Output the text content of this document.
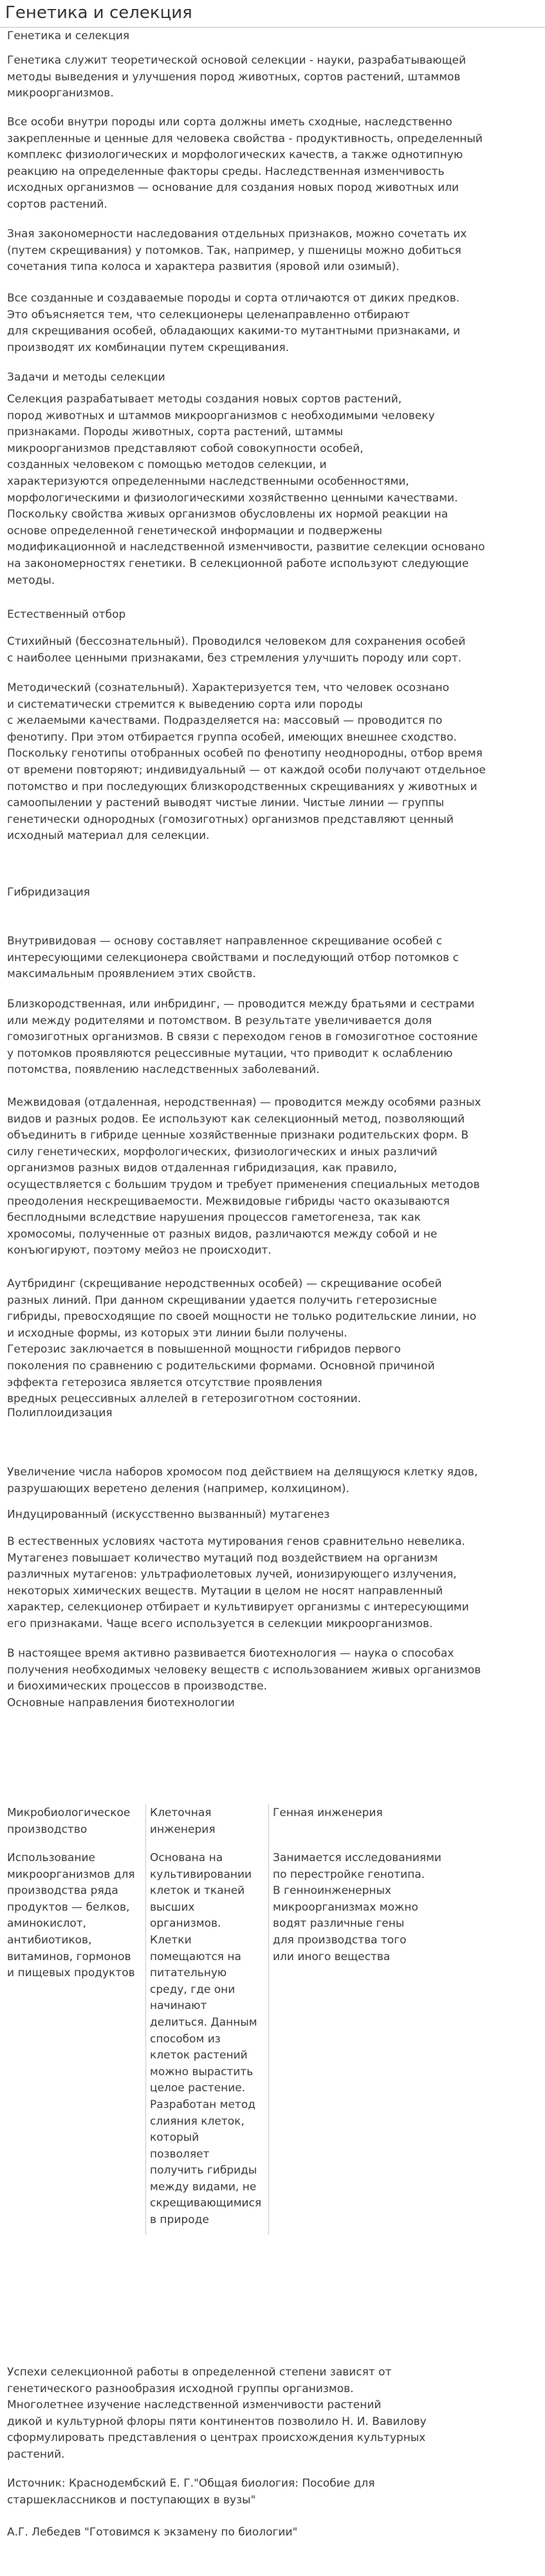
Генетика и селекция
Генетика и селекция
Генетика служит теоретической основой селекции - науки, разрабатывающей
методы выведения и улучшения пород животных, сортов растений, штаммов
микроорганизмов.
Все особи внутри породы или сорта должны иметь сходные, наследственно
закрепленные и ценные для человека свойства - продуктивность, определенный
комплекс физиологических и морфологических качеств, а также однотипную
реакцию на определенные факторы среды. Наследственная изменчивость
исходных организмов — основание для создания новых пород животных или
сортов растений.
Зная закономерности наследования отдельных признаков, можно сочетать их
(путем скрещивания) у потомков. Так, например, у пшеницы можно добиться
сочетания типа колоса и характера развития (яровой или озимый).
Все созданные и создаваемые породы и сорта отличаются от диких предков.
Это объясняется тем, что селекционеры целенаправленно отбирают
для скрещивания особей, обладающих какими-то мутантными признаками, и
производят их комбинации путем скрещивания.
Задачи и методы селекции
Селекция разрабатывает методы создания новых сортов растений,
пород животных и штаммов микроорганизмов с необходимыми человеку
признаками. Породы животных, сорта растений, штаммы
микроорганизмов представляют собой совокупности особей,
созданных человеком с помощью методов селекции, и
характеризуются определенными наследственными особенностями,
морфологическими и физиологическими хозяйственно ценными качествами.
Поскольку свойства живых организмов обусловлены их нормой реакции на
основе определенной генетической информации и подвержены
модификационной и наследственной изменчивости, развитие селекции основано
на закономерностях генетики. В селекционной работе используют следующие
методы.
Естественный отбор
Стихийный (бессознательный). Проводился человеком для сохранения особей
с наиболее ценными признаками, без стремления улучшить породу или сорт.
Методический (сознательный). Характеризуется тем, что человек осознано
и систематически стремится к выведению сорта или породы
с желаемыми качествами. Подразделяется на: массовый — проводится по
фенотипу. При этом отбирается группа особей, имеющих внешнее сходство.
Поскольку генотипы отобранных особей по фенотипу неоднородны, отбор время
от времени повторяют; индивидуальный — от каждой особи получают отдельное
потомство и при последующих близкородственных скрещиваниях у животных и
самоопылении у растений выводят чистые линии. Чистые линии — группы
генетически однородных (гомозиготных) организмов представляют ценный
исходный материал для селекции.
Гибридизация
Внутривидовая — основу составляет направленное скрещивание особей с
интересующими селекционера свойствами и последующий отбор потомков с
максимальным проявлением этих свойств.
Близкородственная, или инбридинг, — проводится между братьями и сестрами
или между родителями и потомством. В результате увеличивается доля
гомозиготных организмов. В связи с переходом генов в гомозиготное состояние
у потомков проявляются рецессивные мутации, что приводит к ослаблению
потомства, появлению наследственных заболеваний.
Межвидовая (отдаленная, неродственная) — проводится между особями разных
видов и разных родов. Ее используют как селекционный метод, позволяющий
объединить в гибриде ценные хозяйственные признаки родительских форм. В
силу генетических, морфологических, физиологических и иных различий
организмов разных видов отдаленная гибридизация, как правило,
осуществляется с большим трудом и требует применения специальных методов
преодоления нескрещиваемости. Межвидовые гибриды часто оказываются
бесплодными вследствие нарушения процессов гаметогенеза, так как
хромосомы, полученные от разных видов, различаются между собой и не
конъюгируют, поэтому мейоз не происходит.
Аутбридинг (скрещивание неродственных особей) — скрещивание особей
разных линий. При данном скрещивании удается получить гетерозисные
гибриды, превосходящие по своей мощности не только родительские линии, но
и исходные формы, из которых эти линии были получены.
Гетерозис заключается в повышенной мощности гибридов первого
поколения по сравнению с родительскими формами. Основной причиной
эффекта гетерозиса является отсутствие проявления
вредных рецессивных аллелей в гетерозиготном состоянии.
Полиплоидизация
Увеличение числа наборов хромосом под действием на делящуюся клетку ядов,
разрушающих веретено деления (например, колхицином).
Индуцированный (искусственно вызванный) мутагенез
В естественных условиях частота мутирования генов сравнительно невелика.
Мутагенез повышает количество мутаций под воздействием на организм
различных мутагенов: ультрафиолетовых лучей, ионизирующего излучения,
некоторых химических веществ. Мутации в целом не носят направленный
характер, селекционер отбирает и культивирует организмы с интересующими
его признаками. Чаще всего используется в селекции микроорганизмов.
В настоящее время активно развивается биотехнология — наука о способах
получения необходимых человеку веществ с использованием живых организмов
и биохимических процессов в производстве.
Основные направления биотехнологии
Микробиологическое
производство
Клеточная
инженерия
Генная инженерия
Использование
микроорганизмов для
производства ряда
продуктов — белков,
аминокислот,
антибиотиков,
витаминов, гормонов
и пищевых продуктов
Основана на
культивировании
клеток и тканей
высших
организмов.
Клетки
помещаются на
питательную
среду, где они
начинают
делиться. Данным
способом из
клеток растений
можно вырастить
целое растение.
Разработан метод
слияния клеток,
который
позволяет
получить гибриды
между видами, не
скрещивающимися
в природе
Занимается исследованиями
по перестройке генотипа.
В генноинженерных
микроорганизмах можно
водят различные гены
для производства того
или иного вещества
Успехи селекционной работы в определенной степени зависят от
генетического разнообразия исходной группы организмов.
Многолетнее изучение наследственной изменчивости растений
дикой и культурной флоры пяти континентов позволило Н. И. Вавилову
сформулировать представления о центрах происхождения культурных
растений.
Источник: Краснодембский Е. Г."Общая биология: Пособие для
старшеклассников и поступающих в вузы"
А.Г. Лебедев "Готовимся к экзамену по биологии"
